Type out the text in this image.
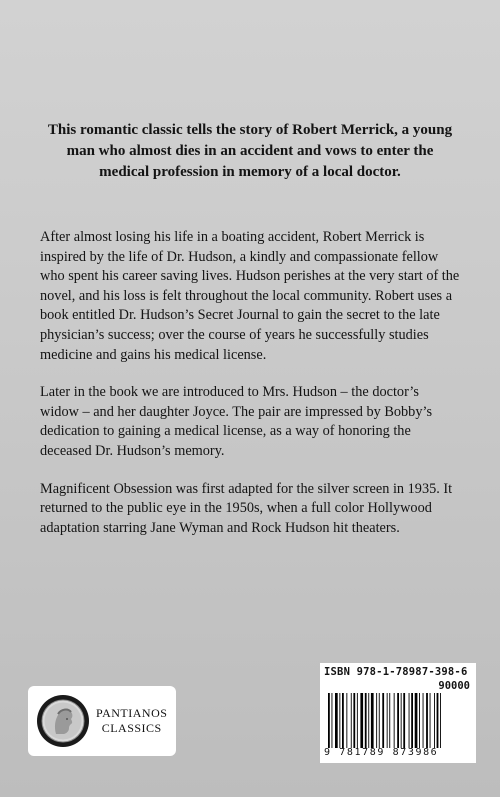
This romantic classic tells the story of Robert Merrick, a young man who almost dies in an accident and vows to enter the medical profession in memory of a local doctor.

After almost losing his life in a boating accident, Robert Merrick is inspired by the life of Dr. Hudson, a kindly and compassionate fellow who spent his career saving lives. Hudson perishes at the very start of the novel, and his loss is felt throughout the local community. Robert uses a book entitled Dr. Hudson’s Secret Journal to gain the secret to the late physician’s success; over the course of years he successfully studies medicine and gains his medical license.

Later in the book we are introduced to Mrs. Hudson – the doctor’s widow – and her daughter Joyce. The pair are impressed by Bobby’s dedication to gaining a medical license, as a way of honoring the deceased Dr. Hudson’s memory.

Magnificent Obsession was first adapted for the silver screen in 1935. It returned to the public eye in the 1950s, when a full color Hollywood adaptation starring Jane Wyman and Rock Hudson hit theaters.

PANTIANOS
CLASSICS
ISBN 978-1-78987-398-6
90000
9 781789 873986
